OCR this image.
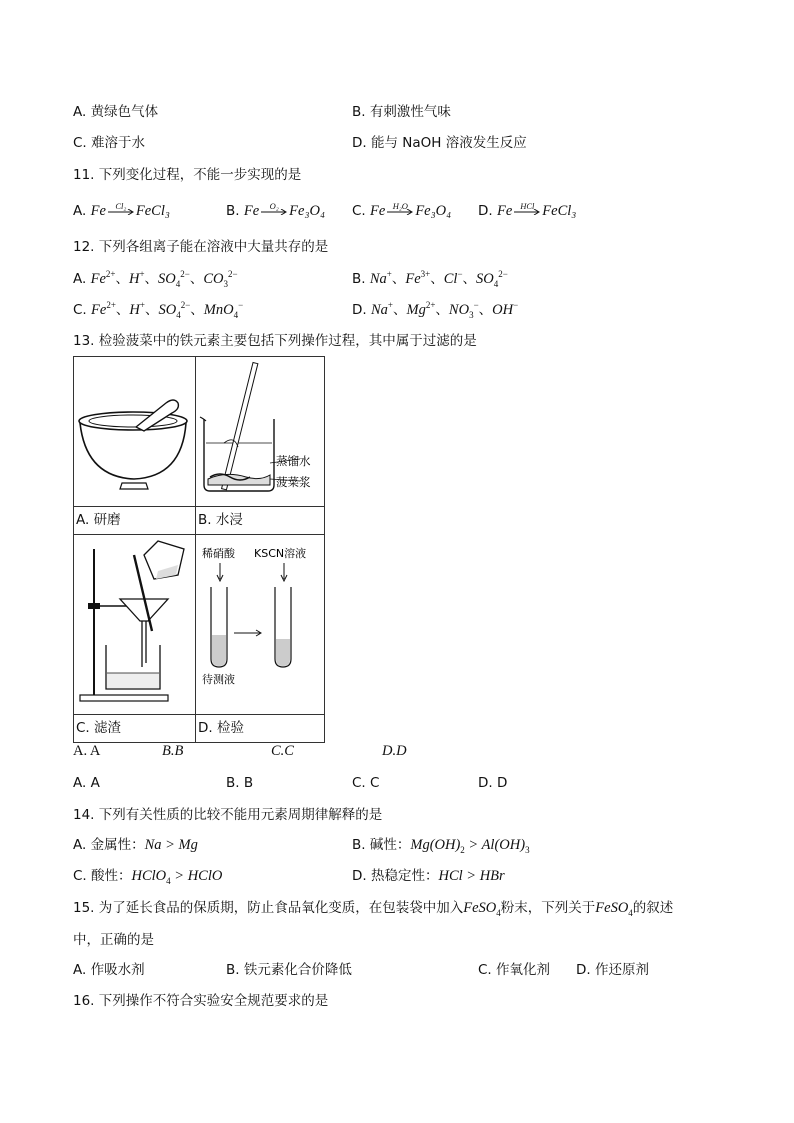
A. 黄绿色气体	B. 有刺激性气味
C. 难溶于水	D. 能与 NaOH 溶液发生反应
11. 下列变化过程，不能一步实现的是
A. Fe	Cl₂ FeCl₃	B. Fe	O₂ Fe₃O₄ C. Fe H₂O Fe₃O₄ D. Fe HCl FeCl₃
12. 下列各组离子能在溶液中大量共存的是
A. $Fe^{2+}$、H+、$SO_4^{2-}$、$CO_3^{2-}$	B. Na+、$Fe^{3+}$、Cl−、$SO_4^{2-}$
C. $Fe^{2+}$、H+、$SO_4^{2-}$、MnO$_4$−	D. Na+、$Mg^{2+}$、$NO_3^-$、OH−
13. 检验菠菜中的铁元素主要包括下列操作过程，其中属于过滤的是

蒸馏水
菠菜浆

A. 研磨	B. 水浸

稀硝酸 KSCN溶液
待测液

C. 滤渣	D. 检验
A. A	B.B	C.C	D.D
A. A	B. B	C. C	D. D
14. 下列有关性质的比较不能用元素周期律解释的是
A. 金属性：Na > Mg	B. 碱性：$Mg(OH)_2 > Al(OH)_3$
C. 酸性：HClO$_4$ > HClO	D. 热稳定性：HCl > HBr
15. 为了延长食品的保质期，防止食品氧化变质，在包装袋中加入FeSO$_4$粉末，下列关于FeSO$_4$的叙述
中，正确的是
A. 作吸水剂	B. 铁元素化合价降低	C. 作氧化剂 D. 作还原剂
16. 下列操作不符合实验安全规范要求的是
